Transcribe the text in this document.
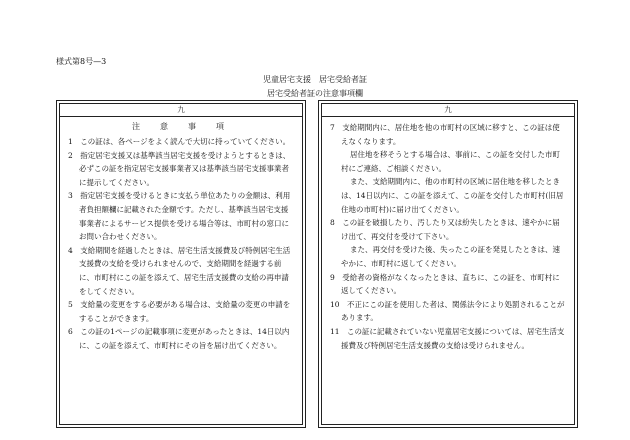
様式第8号—3
児童居宅支援　居宅受給者証
居宅受給者証の注意事項欄
九
注　意　事　項

1　この証は、各ページをよく読んで大切に持っていてください。

2　指定居宅支援又は基準該当居宅支援を受けようとするときは、必ずこの証を指定居宅支援事業者又は基準該当居宅支援事業者に提示してください。

3　指定居宅支援を受けるときに支払う単位あたりの金額は、利用者負担額欄に記載された金額です。ただし、基準該当居宅支援事業者によるサービス提供を受ける場合等は、市町村の窓口にお問い合わせください。

4　支給期間を経過したときは、居宅生活支援費及び特例居宅生活支援費の支給を受けられませんので、支給期間を経過する前に、市町村にこの証を添えて、居宅生活支援費の支給の再申請をしてください。

5　支給量の変更をする必要がある場合は、支給量の変更の申請をすることができます。

6　この証の1ページの記載事項に変更があったときは、14日以内に、この証を添えて、市町村にその旨を届け出てください。

九

7　支給期間内に、居住地を他の市町村の区域に移すと、この証は使えなくなります。

居住地を移そうとする場合は、事前に、この証を交付した市町村にご連絡、ご相談ください。

また、支給期間内に、他の市町村の区域に居住地を移したときは、14日以内に、この証を添えて、この証を交付した市町村(旧居住地の市町村)に届け出てください。

8　この証を破損したり、汚したり又は紛失したときは、速やかに届け出て、再交付を受けて下さい。

また、再交付を受けた後、失ったこの証を発見したときは、速やかに、市町村に返してください。

9　受給者の資格がなくなったときは、直ちに、この証を、市町村に返してください。

10　不正にこの証を使用した者は、関係法令により処罰されることがあります。

11　この証に記載されていない児童居宅支援については、居宅生活支援費及び特例居宅生活支援費の支給は受けられません。
